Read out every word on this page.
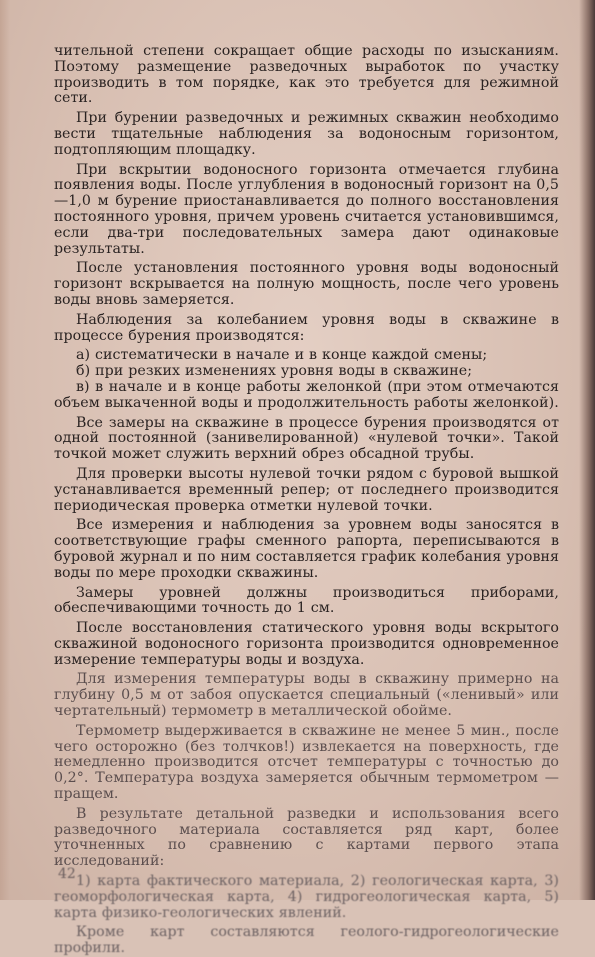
чительной степени сокращает общие расходы по изысканиям. Поэтому размещение разведочных выработок по участку производить в том порядке, как это требуется для режимной сети.

При бурении разведочных и режимных скважин необходимо вести тщательные наблюдения за водоносным горизонтом, подтопляющим площадку.

При вскрытии водоносного горизонта отмечается глубина появления воды. После углубления в водоносный горизонт на 0,5—1,0 м бурение приостанавливается до полного восстановления постоянного уровня, причем уровень считается установившимся, если два-три последовательных замера дают одинаковые результаты.

После установления постоянного уровня воды водоносный горизонт вскрывается на полную мощность, после чего уровень воды вновь замеряется.

Наблюдения за колебанием уровня воды в скважине в процессе бурения производятся:

а) систематически в начале и в конце каждой смены;

б) при резких изменениях уровня воды в скважине;

в) в начале и в конце работы желонкой (при этом отмечаются объем выкаченной воды и продолжительность работы желонкой).

Все замеры на скважине в процессе бурения производятся от одной постоянной (занивелированной) «нулевой точки». Такой точкой может служить верхний обрез обсадной трубы.

Для проверки высоты нулевой точки рядом с буровой вышкой устанавливается временный репер; от последнего производится периодическая проверка отметки нулевой точки.

Все измерения и наблюдения за уровнем воды заносятся в соответствующие графы сменного рапорта, переписываются в буровой журнал и по ним составляется график колебания уровня воды по мере проходки скважины.

Замеры уровней должны производиться приборами, обеспечивающими точность до 1 см.

После восстановления статического уровня воды вскрытого скважиной водоносного горизонта производится одновременное измерение температуры воды и воздуха.

Для измерения температуры воды в скважину примерно на глубину 0,5 м от забоя опускается специальный («ленивый» или чертательный) термометр в металлической обойме.

Термометр выдерживается в скважине не менее 5 мин., после чего осторожно (без толчков!) извлекается на поверхность, где немедленно производится отсчет температуры с точностью до 0,2°. Температура воздуха замеряется обычным термометром — пращем.

В результате детальной разведки и использования всего разведочного материала составляется ряд карт, более уточненных по сравнению с картами первого этапа исследований:

1) карта фактического материала, 2) геологическая карта, 3) геоморфологическая карта, 4) гидрогеологическая карта, 5) карта физико-геологических явлений.

Кроме карт составляются геолого-гидрогеологические профили.

42
